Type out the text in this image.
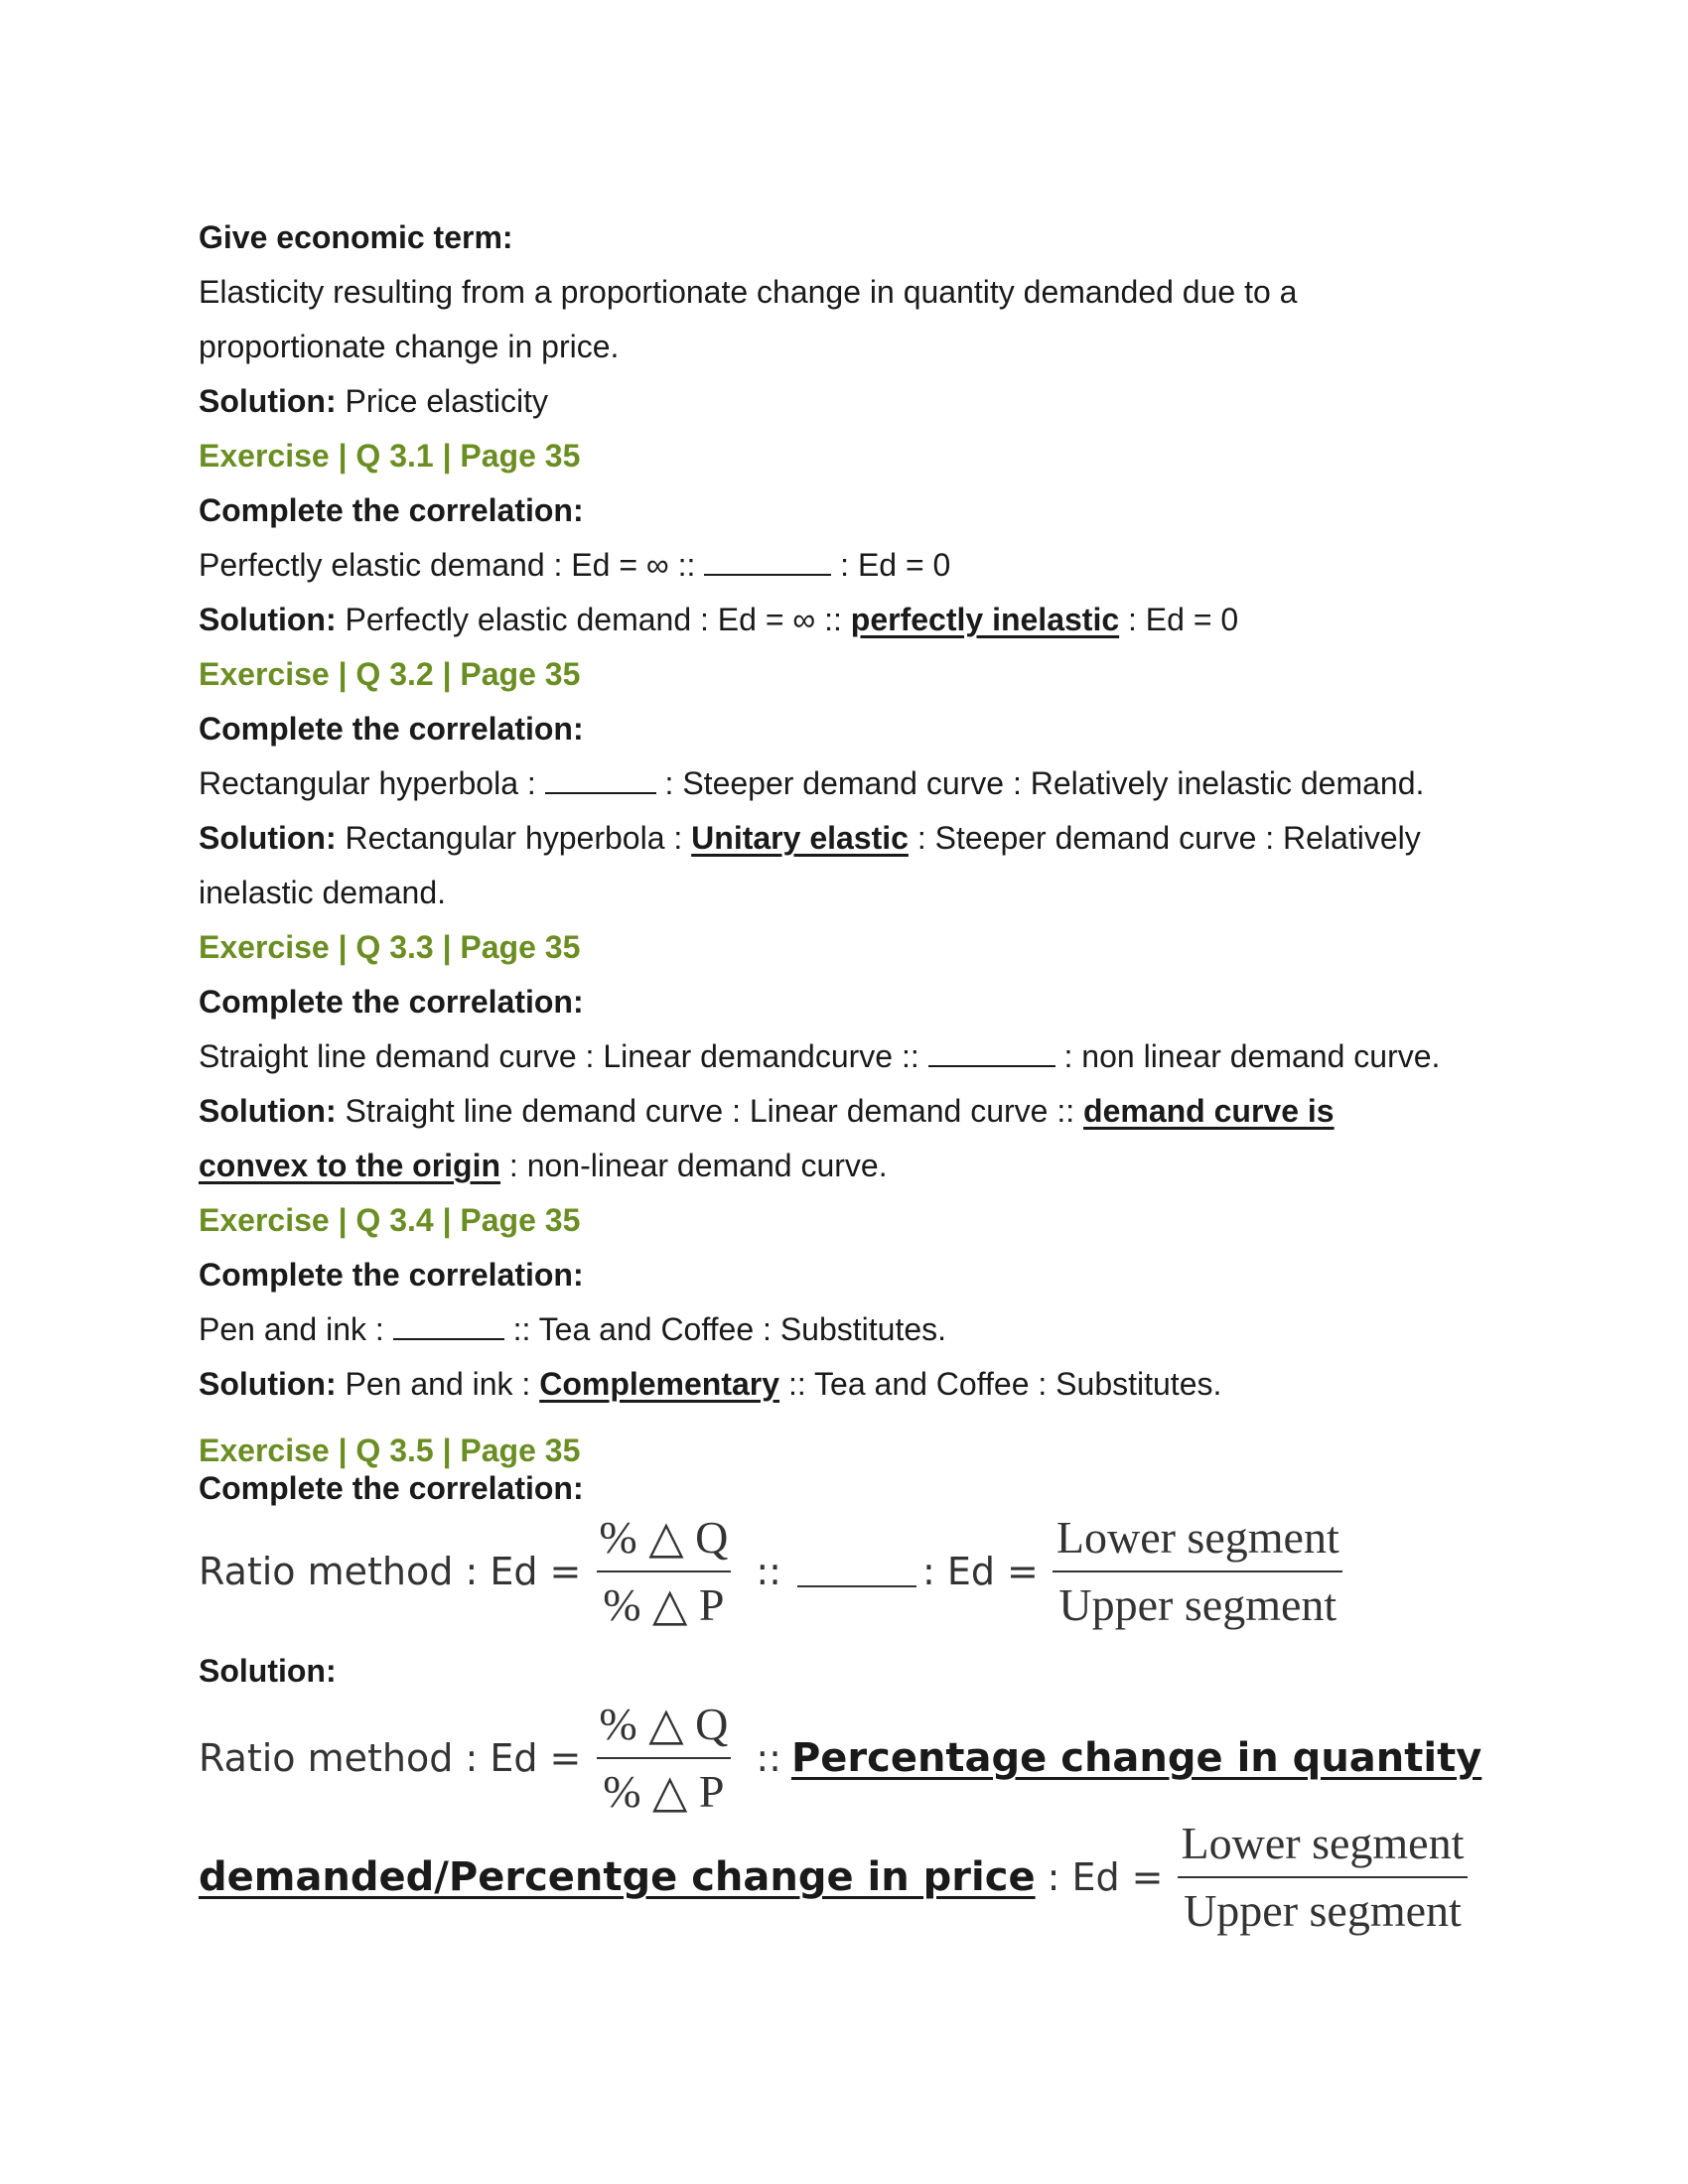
Give economic term:
Elasticity resulting from a proportionate change in quantity demanded due to a
proportionate change in price.
Solution: Price elasticity
Exercise | Q 3.1 | Page 35
Complete the correlation:
Perfectly elastic demand : Ed = ∞ ::	: Ed = 0
Solution: Perfectly elastic demand : Ed = ∞ :: perfectly inelastic : Ed = 0
Exercise | Q 3.2 | Page 35
Complete the correlation:
Rectangular hyperbola :	: Steeper demand curve : Relatively inelastic demand.
Solution: Rectangular hyperbola : Unitary elastic : Steeper demand curve : Relatively
inelastic demand.
Exercise | Q 3.3 | Page 35
Complete the correlation:
Straight line demand curve : Linear demandcurve ::	: non linear demand curve.
Solution: Straight line demand curve : Linear demand curve :: demand curve is
convex to the origin : non-linear demand curve.
Exercise | Q 3.4 | Page 35
Complete the correlation:
Pen and ink :	:: Tea and Coffee : Substitutes.
Solution: Pen and ink : Complementary :: Tea and Coffee : Substitutes.
Exercise | Q 3.5 | Page 35
Complete the correlation:
Ratio method : $Ed = \frac{\% \triangle Q}{\% \triangle P}$ ::	: $Ed = \frac{\text{Lower segment}}{\text{Upper segment}}$
Solution:
Ratio method : $Ed = \frac{\% \triangle Q}{\% \triangle P}$ :: Percentage change in quantity
demanded/Percentge change in price : $Ed = \frac{\text{Lower segment}}{\text{Upper segment}}$
